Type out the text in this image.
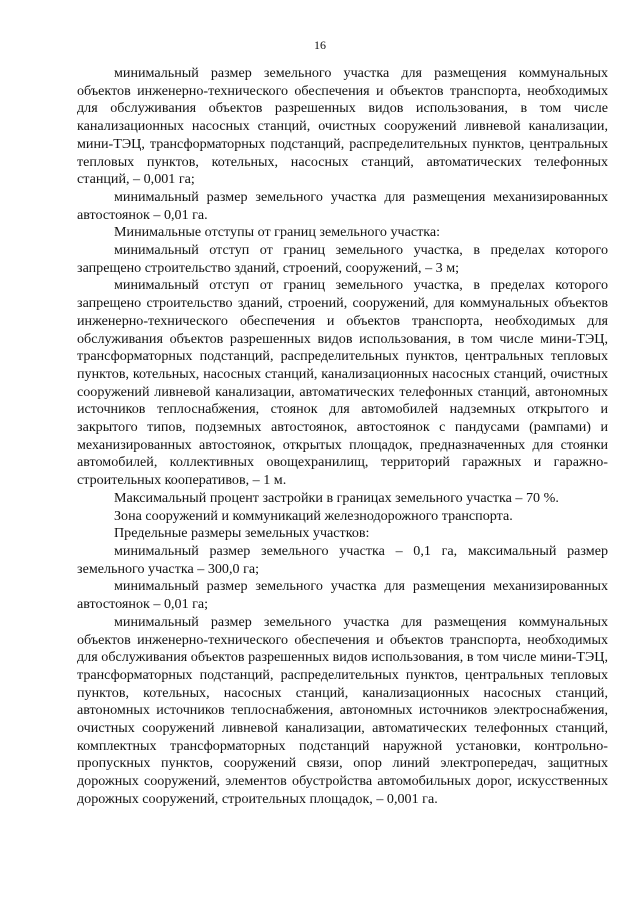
16

минимальный размер земельного участка для размещения коммунальных объектов инженерно-технического обеспечения и объектов транспорта, необходимых для обслуживания объектов разрешенных видов использования, в том числе канализационных насосных станций, очистных сооружений ливневой канализации, мини-ТЭЦ, трансформаторных подстанций, распределительных пунктов, центральных тепловых пунктов, котельных, насосных станций, автоматических телефонных станций, – 0,001 га;

минимальный размер земельного участка для размещения механизированных автостоянок – 0,01 га.

Минимальные отступы от границ земельного участка:

минимальный отступ от границ земельного участка, в пределах которого запрещено строительство зданий, строений, сооружений, – 3 м;

минимальный отступ от границ земельного участка, в пределах которого запрещено строительство зданий, строений, сооружений, для коммунальных объектов инженерно-технического обеспечения и объектов транспорта, необходимых для обслуживания объектов разрешенных видов использования, в том числе мини-ТЭЦ, трансформаторных подстанций, распределительных пунктов, центральных тепловых пунктов, котельных, насосных станций, канализационных насосных станций, очистных сооружений ливневой канализации, автоматических телефонных станций, автономных источников теплоснабжения, стоянок для автомобилей надземных открытого и закрытого типов, подземных автостоянок, автостоянок с пандусами (рампами) и механизированных автостоянок, открытых площадок, предназначенных для стоянки автомобилей, коллективных овощехранилищ, территорий гаражных и гаражно-строительных кооперативов, – 1 м.

Максимальный процент застройки в границах земельного участка – 70 %.

Зона сооружений и коммуникаций железнодорожного транспорта.

Предельные размеры земельных участков:

минимальный размер земельного участка – 0,1 га, максимальный размер земельного участка – 300,0 га;

минимальный размер земельного участка для размещения механизированных автостоянок – 0,01 га;

минимальный размер земельного участка для размещения коммунальных объектов инженерно-технического обеспечения и объектов транспорта, необходимых для обслуживания объектов разрешенных видов использования, в том числе мини-ТЭЦ, трансформаторных подстанций, распределительных пунктов, центральных тепловых пунктов, котельных, насосных станций, канализационных насосных станций, автономных источников теплоснабжения, автономных источников электроснабжения, очистных сооружений ливневой канализации, автоматических телефонных станций, комплектных трансформаторных подстанций наружной установки, контрольно-пропускных пунктов, сооружений связи, опор линий электропередач, защитных дорожных сооружений, элементов обустройства автомобильных дорог, искусственных дорожных сооружений, строительных площадок, – 0,001 га.
